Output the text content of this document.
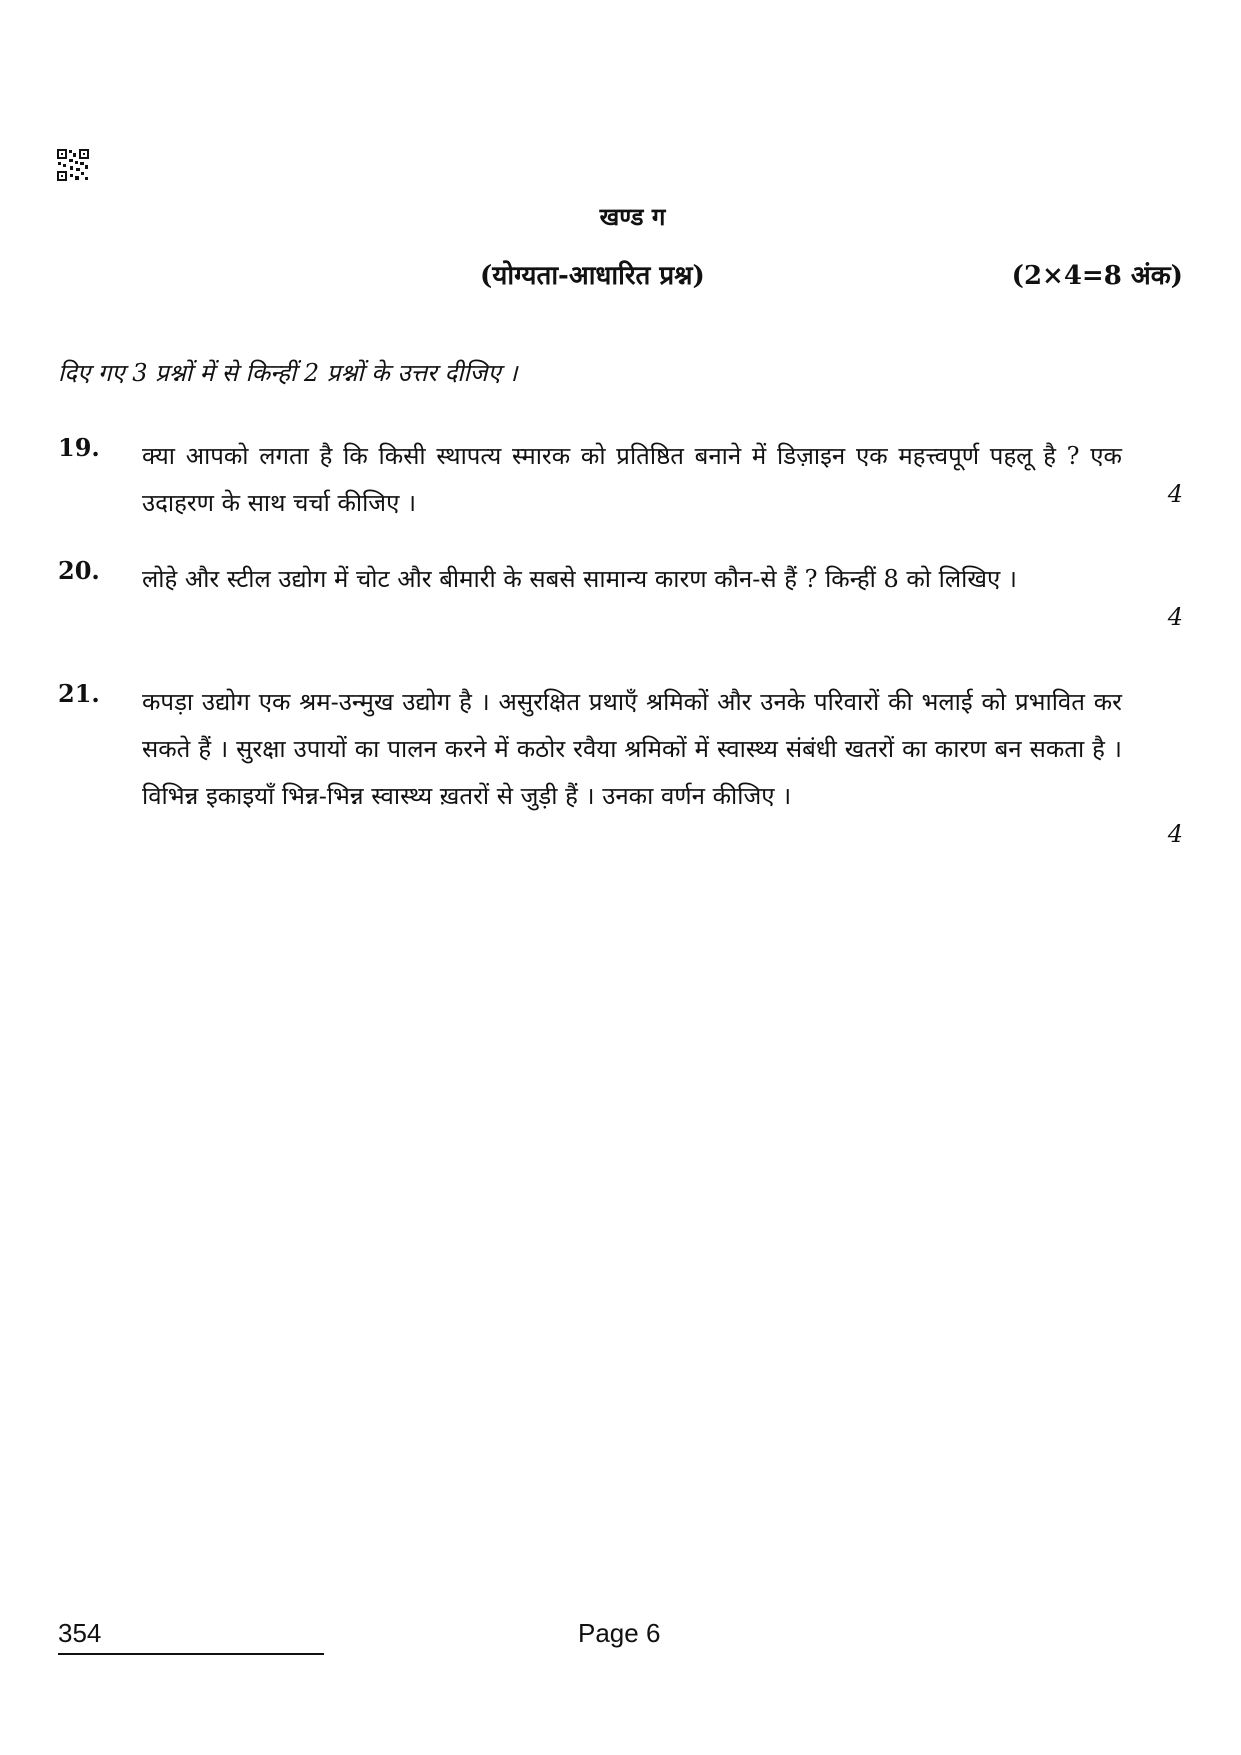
खण्ड ग
(योग्यता-आधारित प्रश्न)	(2×4=8 अंक)
दिए गए 3 प्रश्नों में से किन्हीं 2 प्रश्नों के उत्तर दीजिए ।
19. क्या आपको लगता है कि किसी स्थापत्य स्मारक को प्रतिष्ठित बनाने में डिज़ाइन एक महत्त्वपूर्ण पहलू है ? एक उदाहरण के साथ चर्चा कीजिए ।	4
20. लोहे और स्टील उद्योग में चोट और बीमारी के सबसे सामान्य कारण कौन-से हैं ? किन्हीं 8 को लिखिए ।

4
21. कपड़ा उद्योग एक श्रम-उन्मुख उद्योग है । असुरक्षित प्रथाएँ श्रमिकों और उनके परिवारों की भलाई को प्रभावित कर सकते हैं । सुरक्षा उपायों का पालन करने में कठोर रवैया श्रमिकों में स्वास्थ्य संबंधी खतरों का कारण बन सकता है । विभिन्न इकाइयाँ भिन्न-भिन्न स्वास्थ्य ख़तरों से जुड़ी हैं । उनका वर्णन कीजिए ।

4
354	Page 6
